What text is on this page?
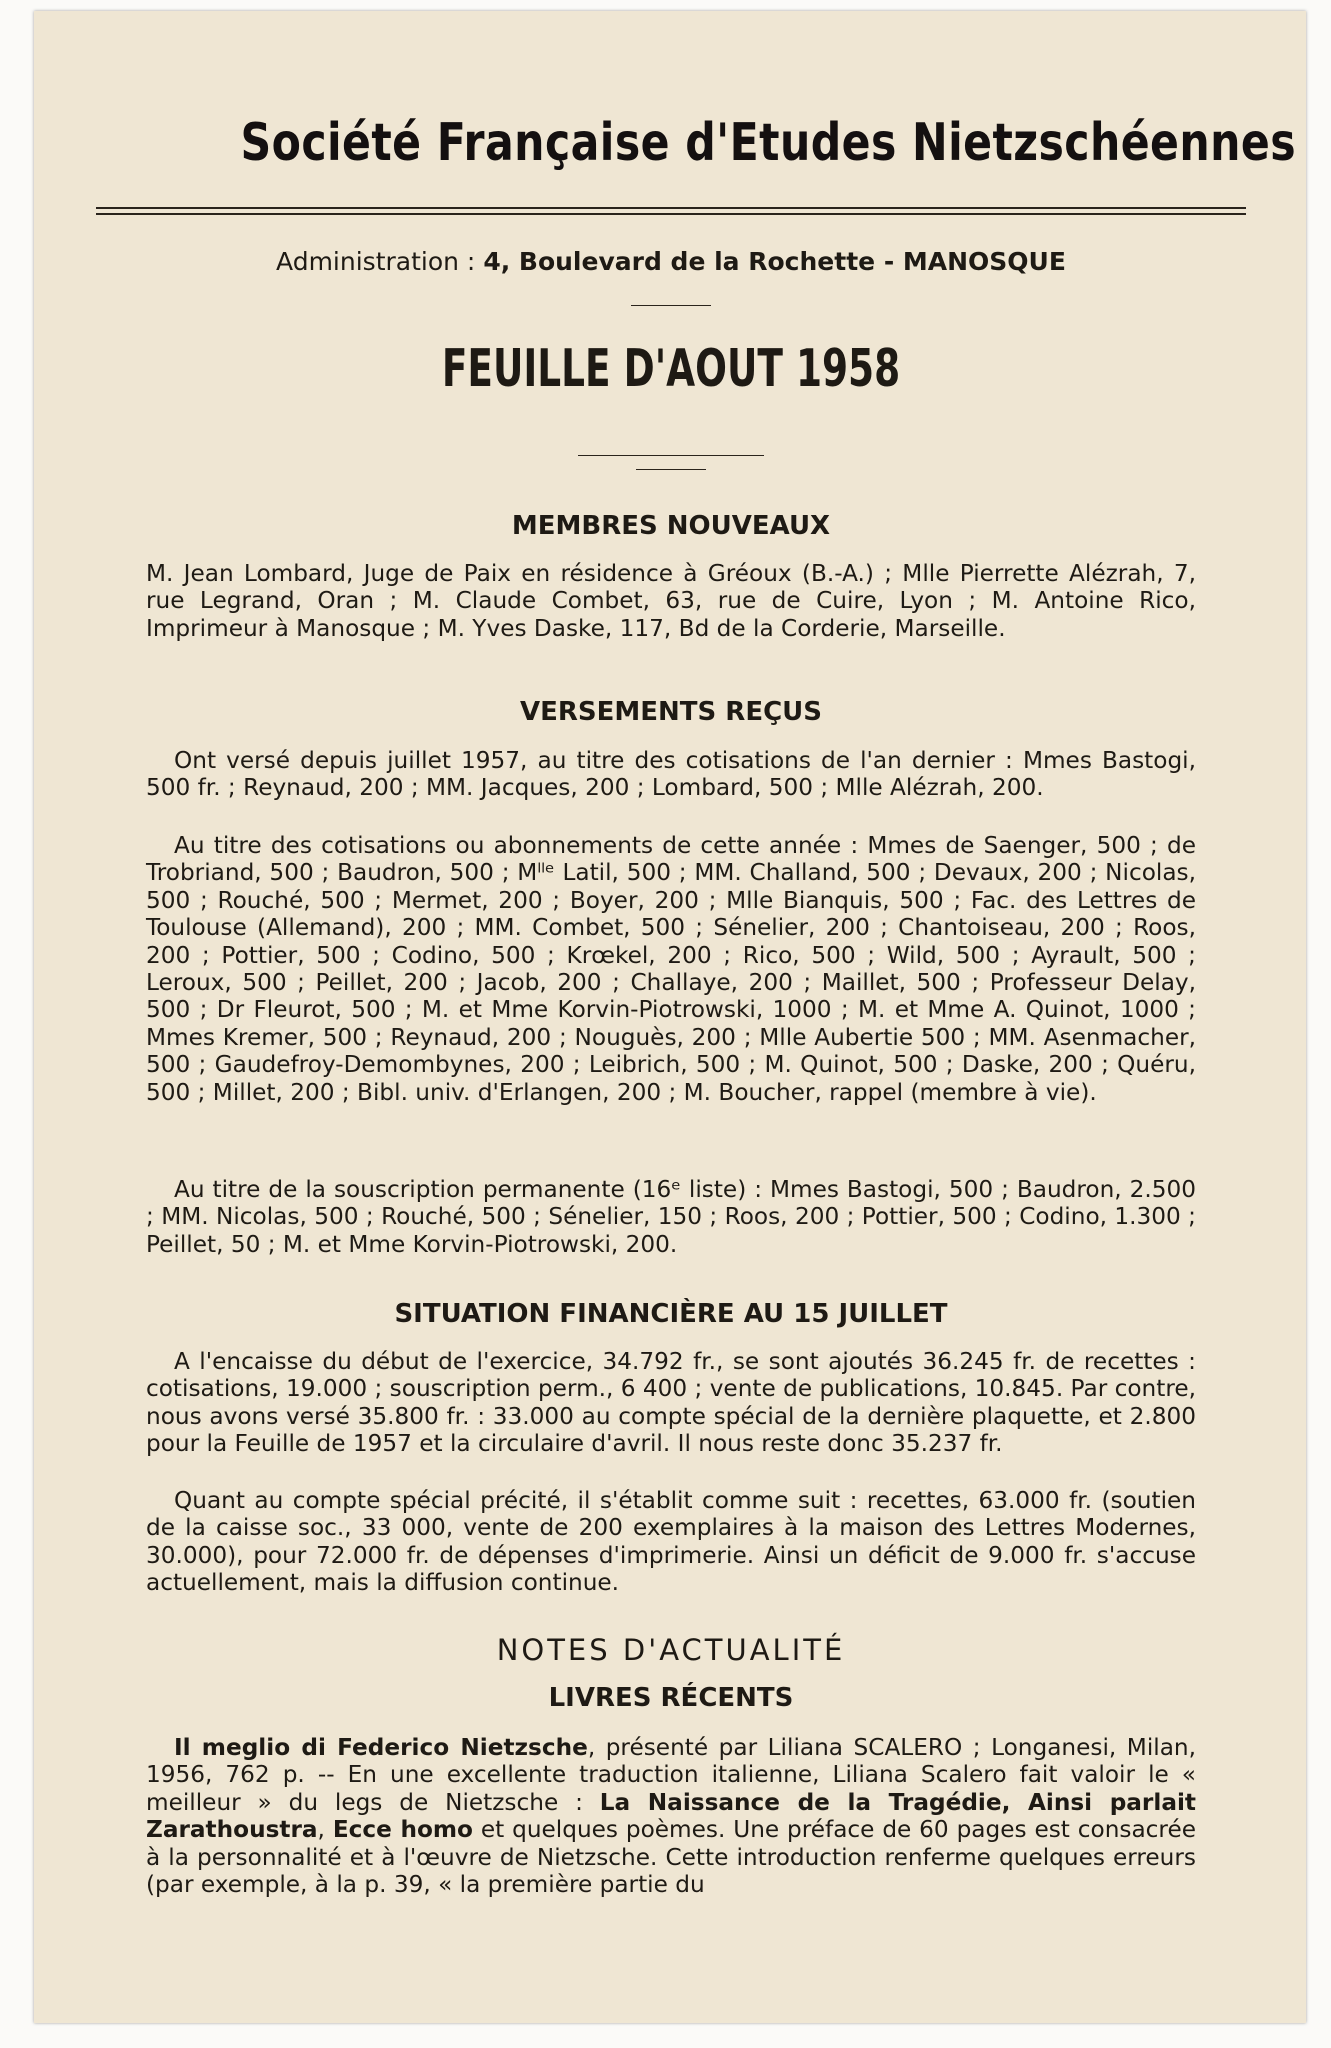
Société Française d'Etudes Nietzschéennes
Administration : 4, Boulevard de la Rochette - MANOSQUE
FEUILLE D'AOUT 1958
MEMBRES NOUVEAUX
M. Jean Lombard, Juge de Paix en résidence à Gréoux (B.-A.) ; Mlle Pierrette Alézrah, 7, rue Legrand, Oran ; M. Claude Combet, 63, rue de Cuire, Lyon ; M. Antoine Rico, Imprimeur à Manosque ; M. Yves Daske, 117, Bd de la Corderie, Marseille.
VERSEMENTS REÇUS
Ont versé depuis juillet 1957, au titre des cotisations de l'an dernier : Mmes Bastogi, 500 fr. ; Reynaud, 200 ; MM. Jacques, 200 ; Lombard, 500 ; Mlle Alézrah, 200.
Au titre des cotisations ou abonnements de cette année : Mmes de Saenger, 500 ; de Trobriand, 500 ; Baudron, 500 ; Mˡˡᵉ Latil, 500 ; MM. Challand, 500 ; Devaux, 200 ; Nicolas, 500 ; Rouché, 500 ; Mermet, 200 ; Boyer, 200 ; Mlle Bianquis, 500 ; Fac. des Lettres de Toulouse (Allemand), 200 ; MM. Combet, 500 ; Sénelier, 200 ; Chantoiseau, 200 ; Roos, 200 ; Pottier, 500 ; Codino, 500 ; Krœkel, 200 ; Rico, 500 ; Wild, 500 ; Ayrault, 500 ; Leroux, 500 ; Peillet, 200 ; Jacob, 200 ; Challaye, 200 ; Maillet, 500 ; Professeur Delay, 500 ; Dr Fleurot, 500 ; M. et Mme Korvin-Piotrowski, 1000 ; M. et Mme A. Quinot, 1000 ; Mmes Kremer, 500 ; Reynaud, 200 ; Nouguès, 200 ; Mlle Aubertie 500 ; MM. Asenmacher, 500 ; Gaudefroy-Demombynes, 200 ; Leibrich, 500 ; M. Quinot, 500 ; Daske, 200 ; Quéru, 500 ; Millet, 200 ; Bibl. univ. d'Erlangen, 200 ; M. Boucher, rappel (membre à vie).
Au titre de la souscription permanente (16ᵉ liste) : Mmes Bastogi, 500 ; Baudron, 2.500 ; MM. Nicolas, 500 ; Rouché, 500 ; Sénelier, 150 ; Roos, 200 ; Pottier, 500 ; Codino, 1.300 ; Peillet, 50 ; M. et Mme Korvin-Piotrowski, 200.
SITUATION FINANCIÈRE AU 15 JUILLET
A l'encaisse du début de l'exercice, 34.792 fr., se sont ajoutés 36.245 fr. de recettes : cotisations, 19.000 ; souscription perm., 6 400 ; vente de publications, 10.845. Par contre, nous avons versé 35.800 fr. : 33.000 au compte spécial de la dernière plaquette, et 2.800 pour la Feuille de 1957 et la circulaire d'avril. Il nous reste donc 35.237 fr.
Quant au compte spécial précité, il s'établit comme suit : recettes, 63.000 fr. (soutien de la caisse soc., 33 000, vente de 200 exemplaires à la maison des Lettres Modernes, 30.000), pour 72.000 fr. de dépenses d'imprimerie. Ainsi un déficit de 9.000 fr. s'accuse actuellement, mais la diffusion continue.
NOTES D'ACTUALITÉ
LIVRES RÉCENTS
Il meglio di Federico Nietzsche, présenté par Liliana SCALERO ; Longanesi, Milan, 1956, 762 p. -- En une excellente traduction italienne, Liliana Scalero fait valoir le « meilleur » du legs de Nietzsche : La Naissance de la Tragédie, Ainsi parlait Zarathoustra, Ecce homo et quelques poèmes. Une préface de 60 pages est consacrée à la personnalité et à l'œuvre de Nietzsche. Cette introduction renferme quelques erreurs (par exemple, à la p. 39, « la première partie du
